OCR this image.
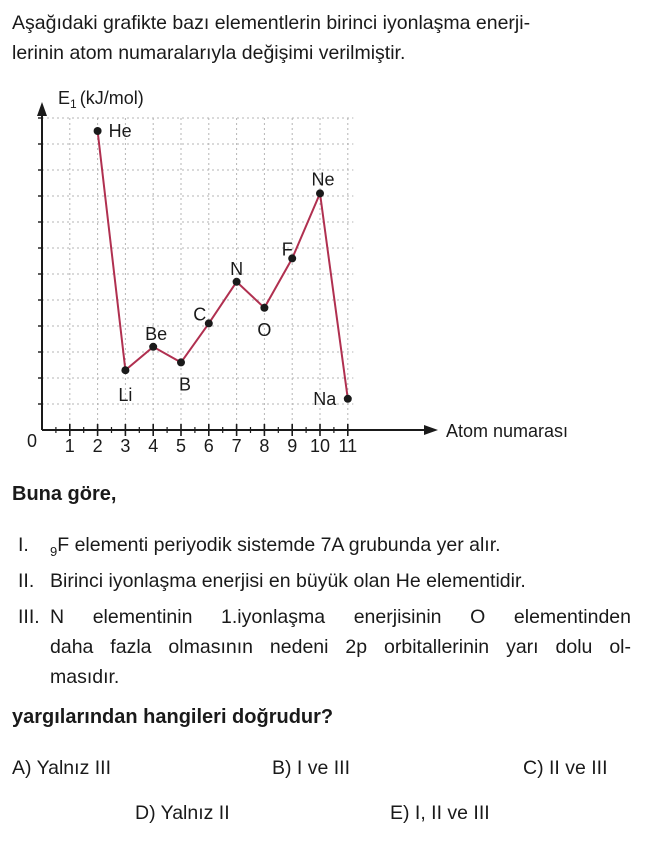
Aşağıdaki grafikte bazı elementlerin birinci iyonlaşma enerji-
lerinin atom numaralarıyla değişimi verilmiştir.

$E_1$ (kJ/mol)
Atom numarası
0 1 2 3 4 5 6 7 8 9 10 11
He
Li
Be
B
C
N
O
F
Ne
Na

Buna göre,

I. $_9$F elementi periyodik sistemde 7A grubunda yer alır.
II. Birinci iyonlaşma enerjisi en büyük olan He elementidir.
III. N elementinin 1.iyonlaşma enerjisinin O elementinden
daha fazla olmasının nedeni 2p orbitallerinin yarı dolu ol-
masıdır.

yargılarından hangileri doğrudur?

A) Yalnız III	B) I ve III	C) II ve III
D) Yalnız II	E) I, II ve III
